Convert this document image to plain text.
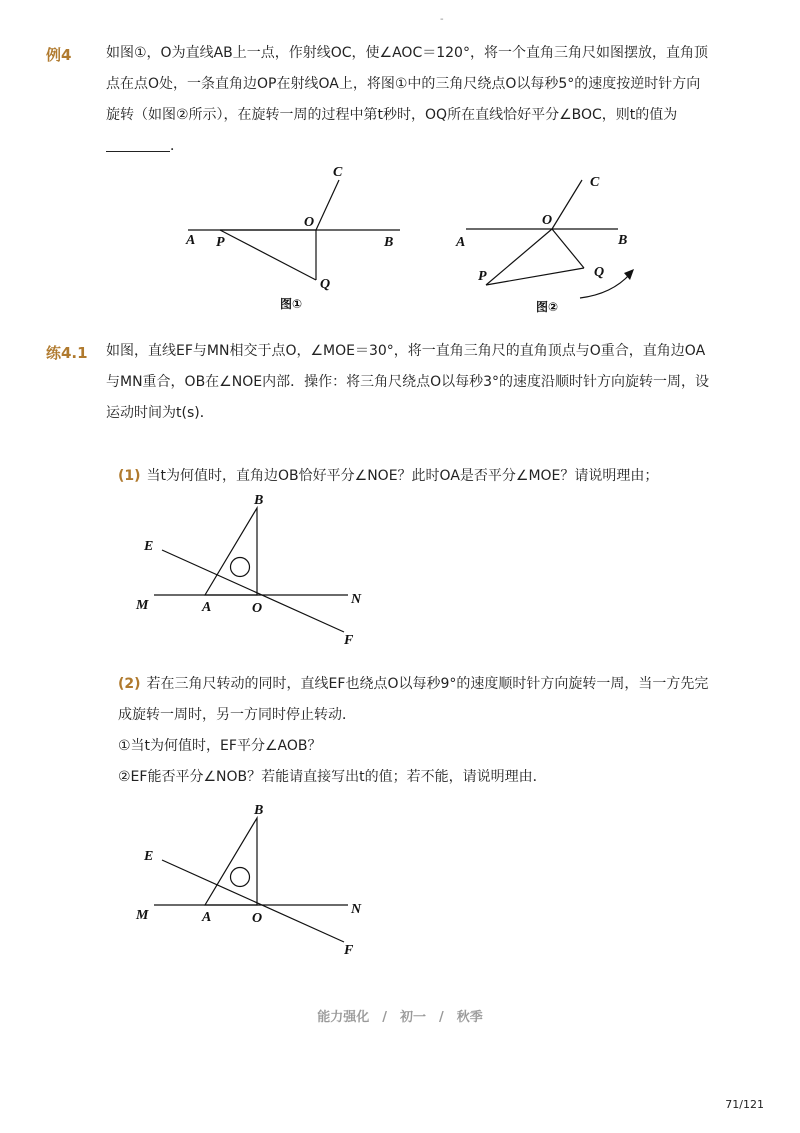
-
例4 如图①，O为直线AB上一点，作射线OC，使∠AOC＝120°，将一个直角三角尺如图摆放，直角顶
点在点O处，一条直角边OP在射线OA上，将图①中的三角尺绕点O以每秒5°的速度按逆时针方向
旋转（如图②所示），在旋转一周的过程中第t秒时，OQ所在直线恰好平分∠BOC，则t的值为
．
A P
O
B
C
Q
图①
A
O
B
C
P	Q
图②
练4.1 如图，直线EF与MN相交于点O，∠MOE＝30°，将一直角三角尺的直角顶点与O重合，直角边OA
与MN重合，OB在∠NOE内部．操作：将三角尺绕点O以每秒3°的速度沿顺时针方向旋转一周，设
运动时间为t(s)．
(1) 当t为何值时，直角边OB恰好平分∠NOE？此时OA是否平分∠MOE？请说明理由；
B
E
M	A	O
N
F
(2) 若在三角尺转动的同时，直线EF也绕点O以每秒9°的速度顺时针方向旋转一周，当一方先完
成旋转一周时，另一方同时停止转动．
①当t为何值时，EF平分∠AOB？
②EF能否平分∠NOB？若能请直接写出t的值；若不能，请说明理由．
B
E
M	A	O
N
F
能力强化　/　初一　/　秋季
71/121
